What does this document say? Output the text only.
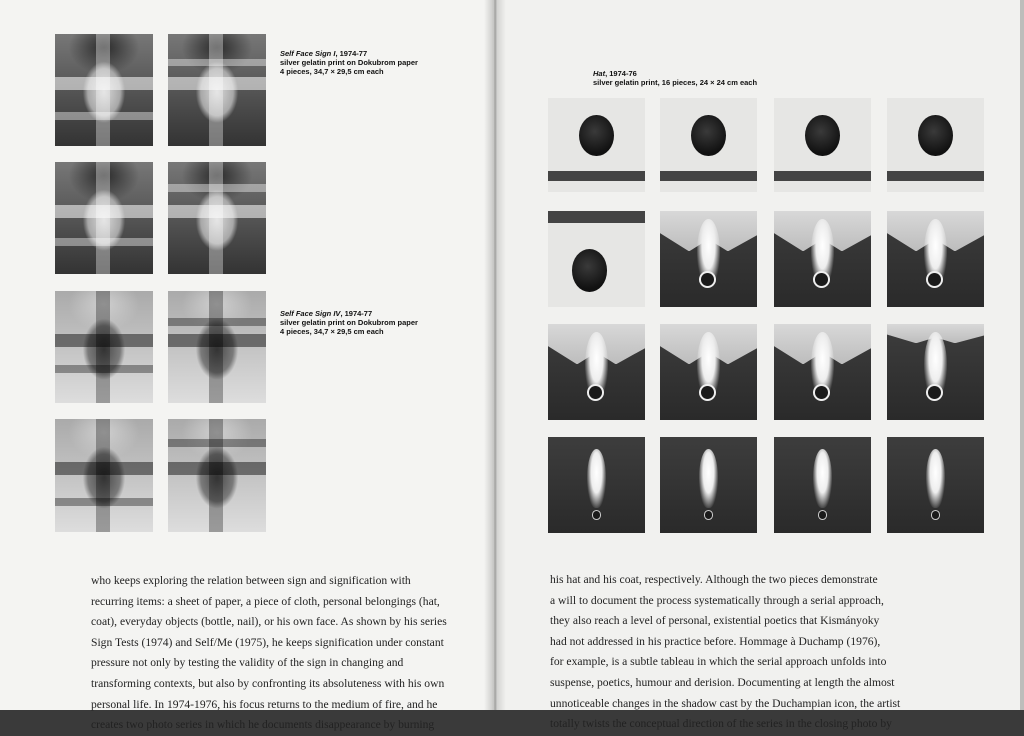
Self Face Sign I, 1974-77
silver gelatin print on Dokubrom paper
4 pieces, 34,7 × 29,5 cm each
Self Face Sign IV, 1974-77
silver gelatin print on Dokubrom paper
4 pieces, 34,7 × 29,5 cm each

who keeps exploring the relation between sign and signification with

recurring items: a sheet of paper, a piece of cloth, personal belongings (hat,

coat), everyday objects (bottle, nail), or his own face. As shown by his series

Sign Tests (1974) and Self/Me (1975), he keeps signification under constant

pressure not only by testing the validity of the sign in changing and

transforming contexts, but also by confronting its absoluteness with his own

personal life. In 1974-1976, his focus returns to the medium of fire, and he

creates two photo series in which he documents disappearance by burning

Hat, 1974-76
silver gelatin print, 16 pieces, 24 × 24 cm each

his hat and his coat, respectively. Although the two pieces demonstrate

a will to document the process systematically through a serial approach,

they also reach a level of personal, existential poetics that Kismányoky

had not addressed in his practice before. Hommage à Duchamp (1976),

for example, is a subtle tableau in which the serial approach unfolds into

suspense, poetics, humour and derision. Documenting at length the almost

unnoticeable changes in the shadow cast by the Duchampian icon, the artist

totally twists the conceptual direction of the series in the closing photo by
